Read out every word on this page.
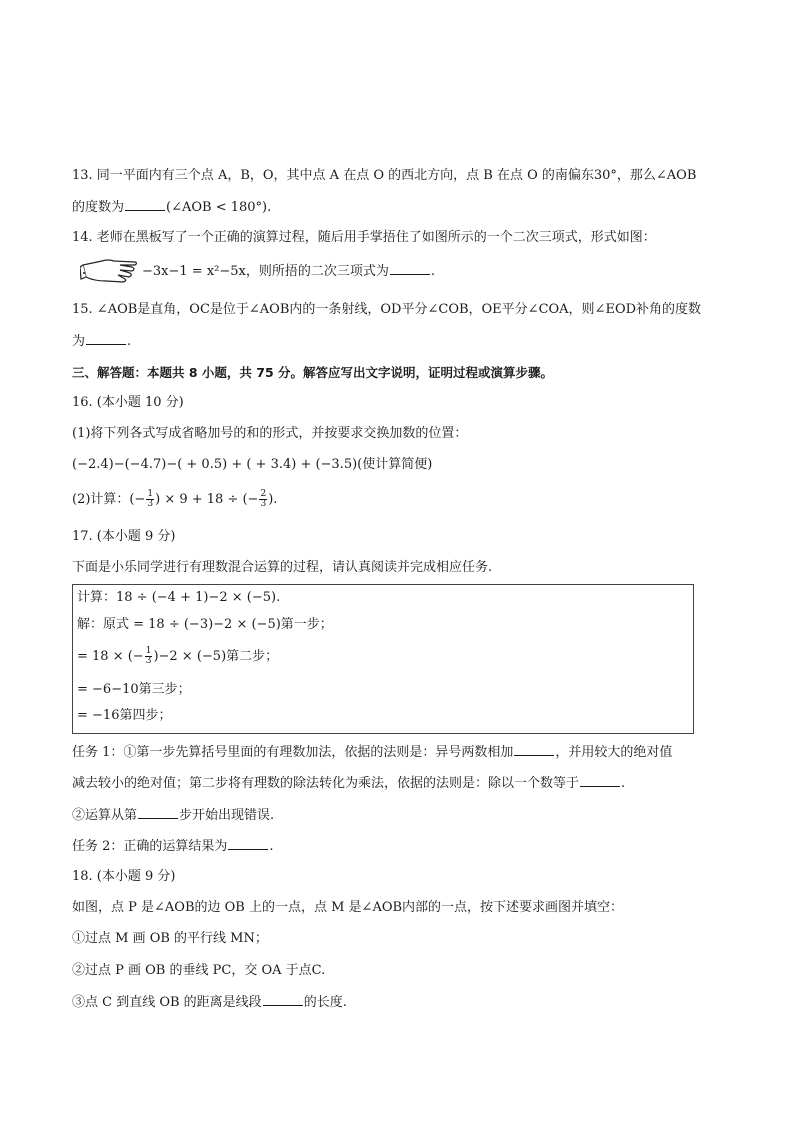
13. 同一平面内有三个点 A，B，O，其中点 A 在点 O 的西北方向，点 B 在点 O 的南偏东30°，那么∠AOB
的度数为	(∠AOB < 180°).
14. 老师在黑板写了一个正确的演算过程，随后用手掌捂住了如图所示的一个二次三项式，形式如图：
−3x−1 = x²−5x，则所捂的二次三项式为	.
15. ∠AOB是直角，OC是位于∠AOB内的一条射线，OD平分∠COB，OE平分∠COA，则∠EOD补角的度数
为	.
三、解答题：本题共 8 小题，共 75 分。解答应写出文字说明，证明过程或演算步骤。
16. (本小题 10 分)
(1)将下列各式写成省略加号的和的形式，并按要求交换加数的位置：
(−2.4)−(−4.7)−( + 0.5) + ( + 3.4) + (−3.5)(使计算简便)
(2)计算：(− $\frac{1}{3}$ ) × 9 + 18 ÷ (− $\frac{2}{3}$ ).
17. (本小题 9 分)
下面是小乐同学进行有理数混合运算的过程，请认真阅读并完成相应任务.
计算：18 ÷ (−4 + 1)−2 × (−5).
解：原式 = 18 ÷ (−3)−2 × (−5)第一步；
= 18 × (− $\frac{1}{3} )-2 \times (-5)$第二步；
= −6−10第三步；
= −16第四步；
任务 1：①第一步先算括号里面的有理数加法，依据的法则是：异号两数相加	，并用较大的绝对值
减去较小的绝对值；第二步将有理数的除法转化为乘法，依据的法则是：除以一个数等于	.
②运算从第	步开始出现错误.
任务 2：正确的运算结果为	.
18. (本小题 9 分)
如图，点 P 是∠AOB的边 OB 上的一点，点 M 是∠AOB内部的一点，按下述要求画图并填空：
①过点 M 画 OB 的平行线 MN；
②过点 P 画 OB 的垂线 PC，交 OA 于点C.
③点 C 到直线 OB 的距离是线段	的长度.
